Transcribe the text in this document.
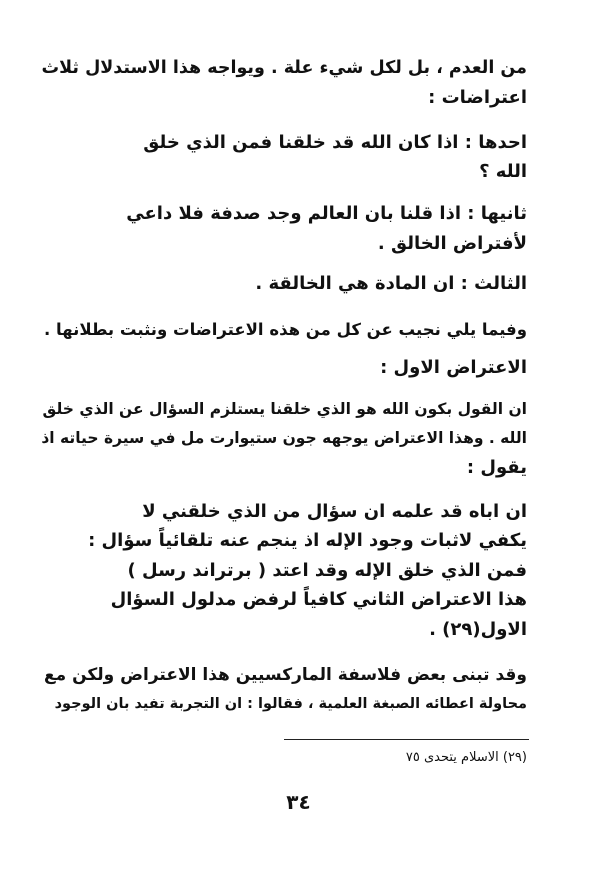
من العدم ، بل لكل شيء علة . ويواجه هذا الاستدلال ثلاث
اعتراضات :
احدها : اذا كان الله قد خلقنا فمن الذي خلق
الله ؟
ثانيها : اذا قلنا بان العالم وجد صدفة فلا داعي
لأفتراض الخالق .
الثالث : ان المادة هي الخالقة .
وفيما يلي نجيب عن كل من هذه الاعتراضات ونثبت بطلانها .
الاعتراض الاول :
ان القول بكون الله هو الذي خلقنا يستلزم السؤال عن الذي خلق
الله . وهذا الاعتراض يوجهه جون ستيوارت مل في سيرة حياته اذ
يقول :
ان اباه قد علمه ان سؤال من الذي خلقني لا
يكفي لاثبات وجود الإله اذ ينجم عنه تلقائياً سؤال :
فمن الذي خلق الإله وقد اعتد ( برتراند رسل )
هذا الاعتراض الثاني كافياً لرفض مدلول السؤال
الاول(٢٩) .
وقد تبنى بعض فلاسفة الماركسيين هذا الاعتراض ولكن مع
محاولة اعطائه الصبغة العلمية ، فقالوا : ان التجربة تفيد بان الوجود
(٢٩) الاسلام يتحدى ٧٥
٣٤
